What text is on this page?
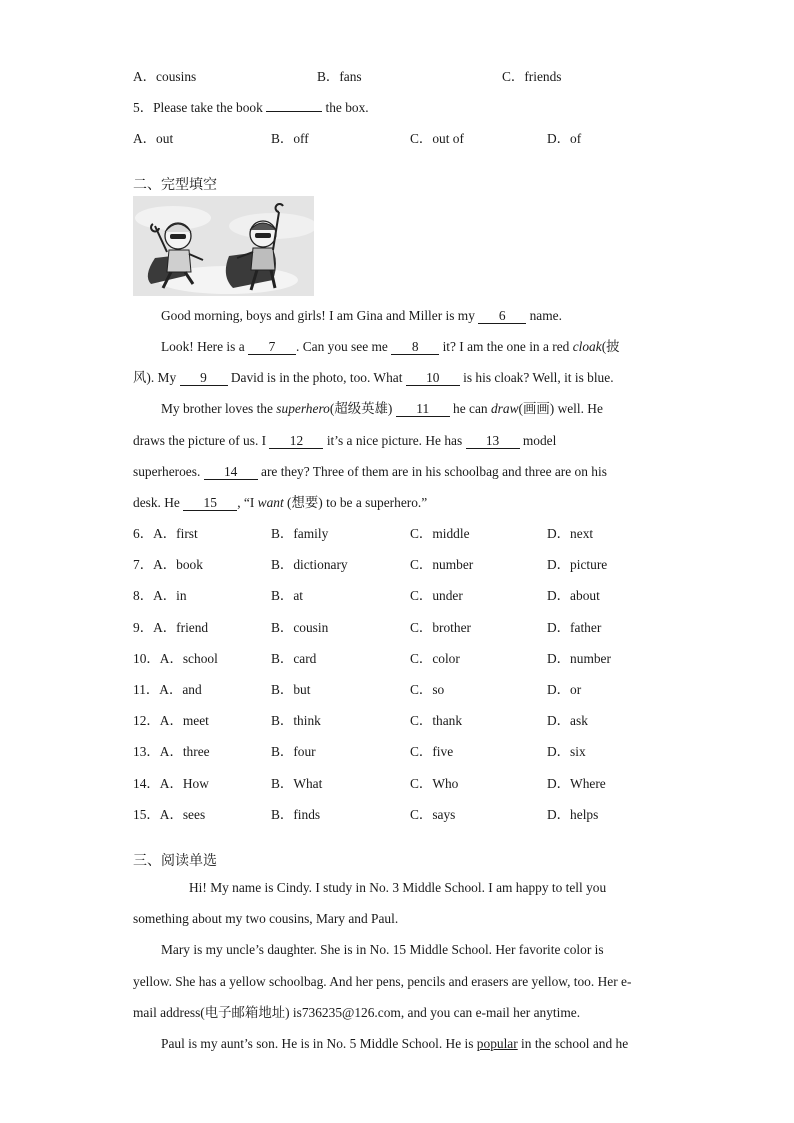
A．cousins	B．fans	C．friends
5．Please take the book	the box.
A．out	B．off	C．out of	D．of
二、完型填空
Good morning, boys and girls! I am Gina and Miller is my 6 name.
Look! Here is a 7 . Can you see me 8 it? I am the one in a red cloak(披
风). My 9 David is in the photo, too. What 10 is his cloak? Well, it is blue.
My brother loves the superhero(超级英雄) 11 he can draw(画画) well. He
draws the picture of us. I 12 it’s a nice picture. He has 13 model
superheroes. 14 are they? Three of them are in his schoolbag and three are on his
desk. He 15 , “I want (想要) to be a superhero.”
6．A．first	B．family	C．middle	D．next
7．A．book	B．dictionary	C．number	D．picture
8．A．in	B．at	C．under	D．about
9．A．friend	B．cousin	C．brother	D．father
10．A．school	B．card	C．color	D．number
11．A．and	B．but	C．so	D．or
12．A．meet	B．think	C．thank	D．ask
13．A．three	B．four	C．five	D．six
14．A．How	B．What	C．Who	D．Where
15．A．sees	B．finds	C．says	D．helps
三、阅读单选
Hi! My name is Cindy. I study in No. 3 Middle School. I am happy to tell you
something about my two cousins, Mary and Paul.
Mary is my uncle’s daughter. She is in No. 15 Middle School. Her favorite color is
yellow. She has a yellow schoolbag. And her pens, pencils and erasers are yellow, too. Her e-
mail address(电子邮箱地址) is736235@126.com, and you can e-mail her anytime.
Paul is my aunt’s son. He is in No. 5 Middle School. He is popular in the school and he
